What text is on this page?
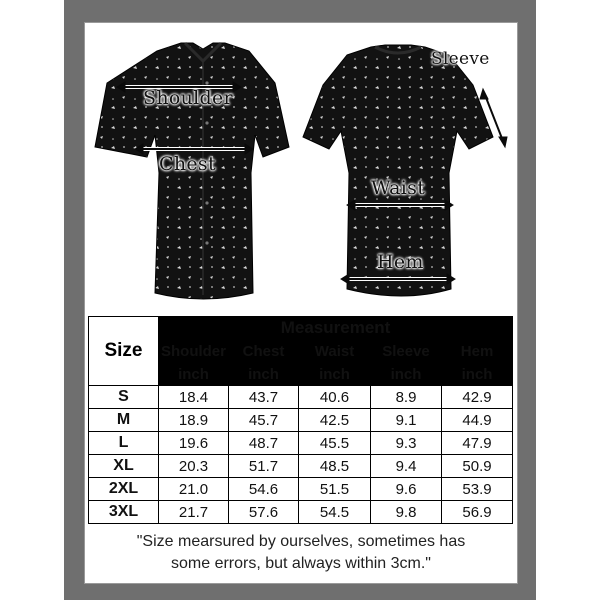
Shoulder
Chest
Sleeve
Waist
Hem
Size	Measurement				
	Shoulder	Chest	Waist	Sleeve	Hem
	inch	inch	inch	inch	inch
S	18.4	43.7	40.6	8.9	42.9
M	18.9	45.7	42.5	9.1	44.9
L	19.6	48.7	45.5	9.3	47.9
XL	20.3	51.7	48.5	9.4	50.9
2XL	21.0	54.6	51.5	9.6	53.9
3XL	21.7	57.6	54.5	9.8	56.9
"Size mearsured by ourselves, sometimes has
some errors, but always within 3cm."
